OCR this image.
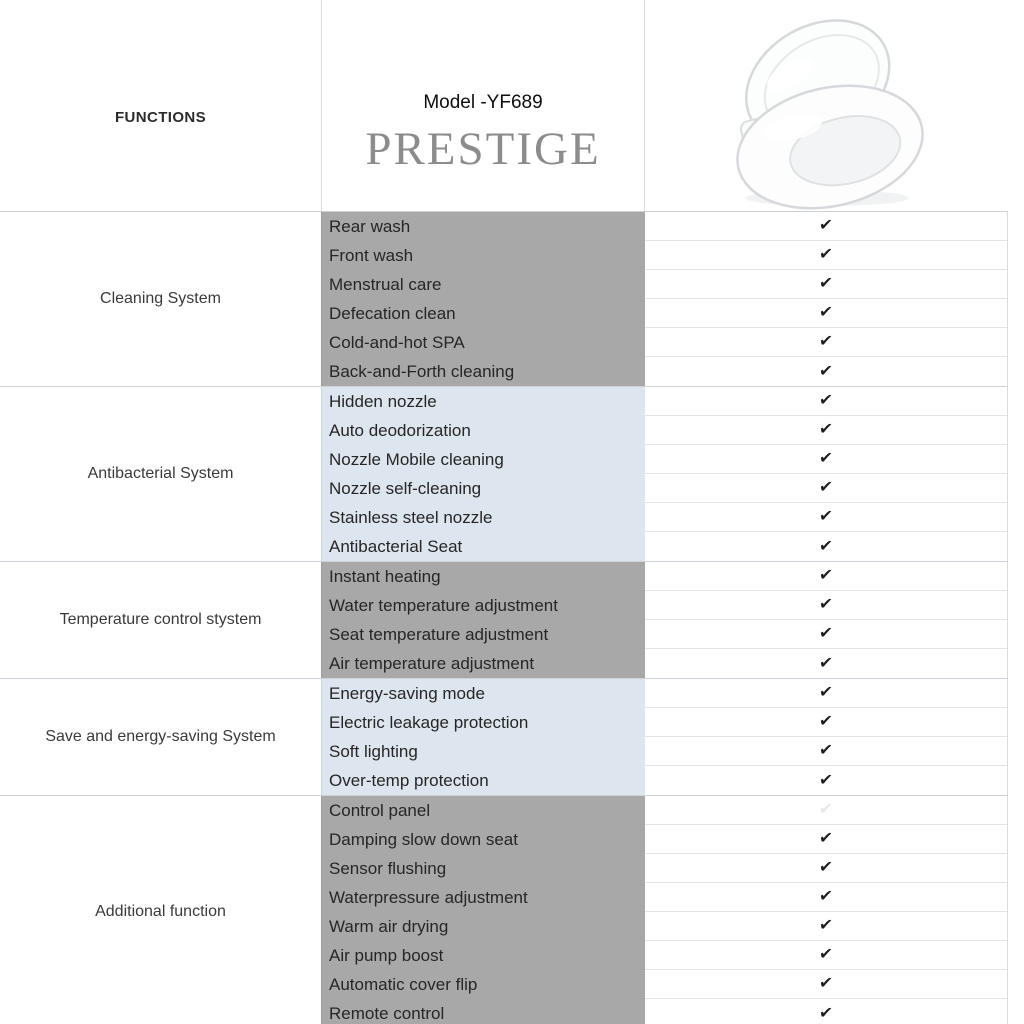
FUNCTIONS
Model -YF689
PRESTIGE
Cleaning System
Rear wash
Front wash
Menstrual care
Defecation clean
Cold-and-hot SPA
Back-and-Forth cleaning
✔
✔
✔
✔
✔
✔
Antibacterial System
Hidden nozzle
Auto deodorization
Nozzle Mobile cleaning
Nozzle self-cleaning
Stainless steel nozzle
Antibacterial Seat
✔
✔
✔
✔
✔
✔
Temperature control stystem
Instant heating
Water temperature adjustment
Seat temperature adjustment
Air temperature adjustment
✔
✔
✔
✔
Save and energy-saving System
Energy-saving mode
Electric leakage protection
Soft lighting
Over-temp protection
✔
✔
✔
✔
Additional function
Control panel
Damping slow down seat
Sensor flushing
Waterpressure adjustment
Warm air drying
Air pump boost
Automatic cover flip
Remote control
✔
✔
✔
✔
✔
✔
✔
✔
